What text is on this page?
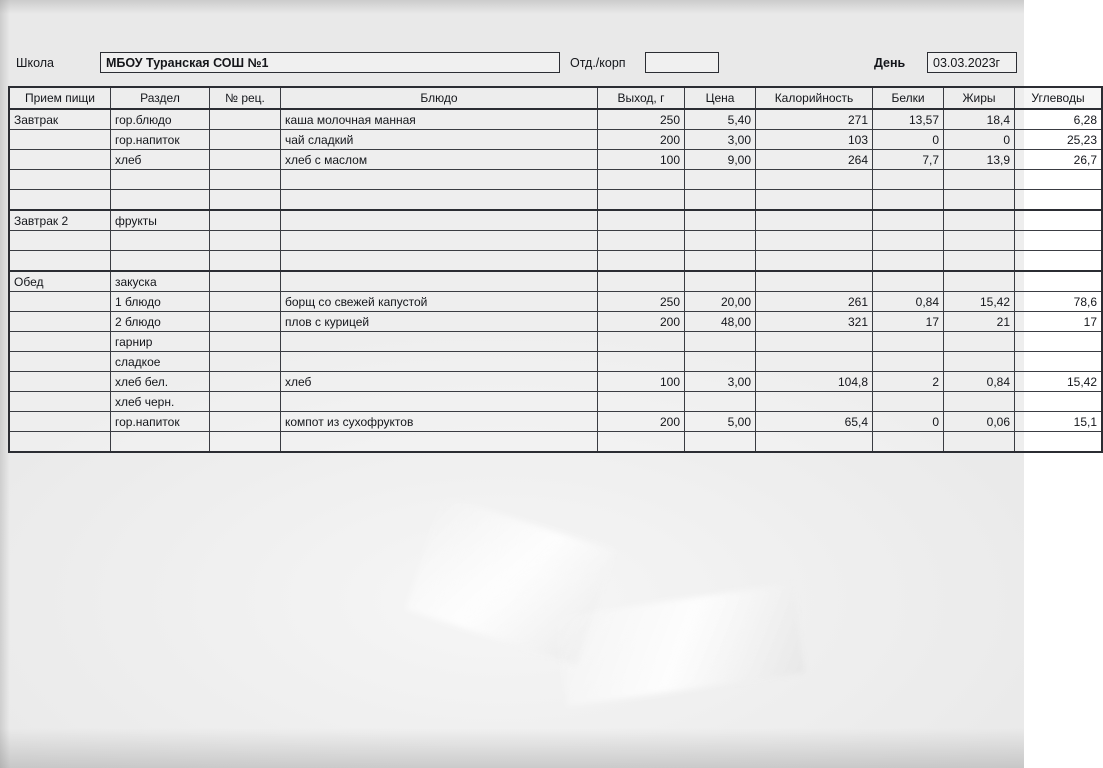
Школа	МБОУ Туранская СОШ №1	Отд./корп	День	03.03.2023г
Прием пищи	Раздел	№ рец.	Блюдо	Выход, г	Цена	Калорийность	Белки	Жиры	Углеводы
Завтрак	гор.блюдо		каша молочная манная	250	5,40	271	13,57	18,4	6,28
	гор.напиток		чай сладкий	200	3,00	103	0	0	25,23
	хлеб		хлеб с маслом	100	9,00	264	7,7	13,9	26,7

Завтрак 2	фрукты								

Обед	закуска								
	1 блюдо		борщ со свежей капустой	250	20,00	261	0,84	15,42	78,6
	2 блюдо		плов с курицей	200	48,00	321	17	21	17
	гарнир								
	сладкое								
	хлеб бел.		хлеб	100	3,00	104,8	2	0,84	15,42
	хлеб черн.								
	гор.напиток		компот из сухофруктов	200	5,00	65,4	0	0,06	15,1
